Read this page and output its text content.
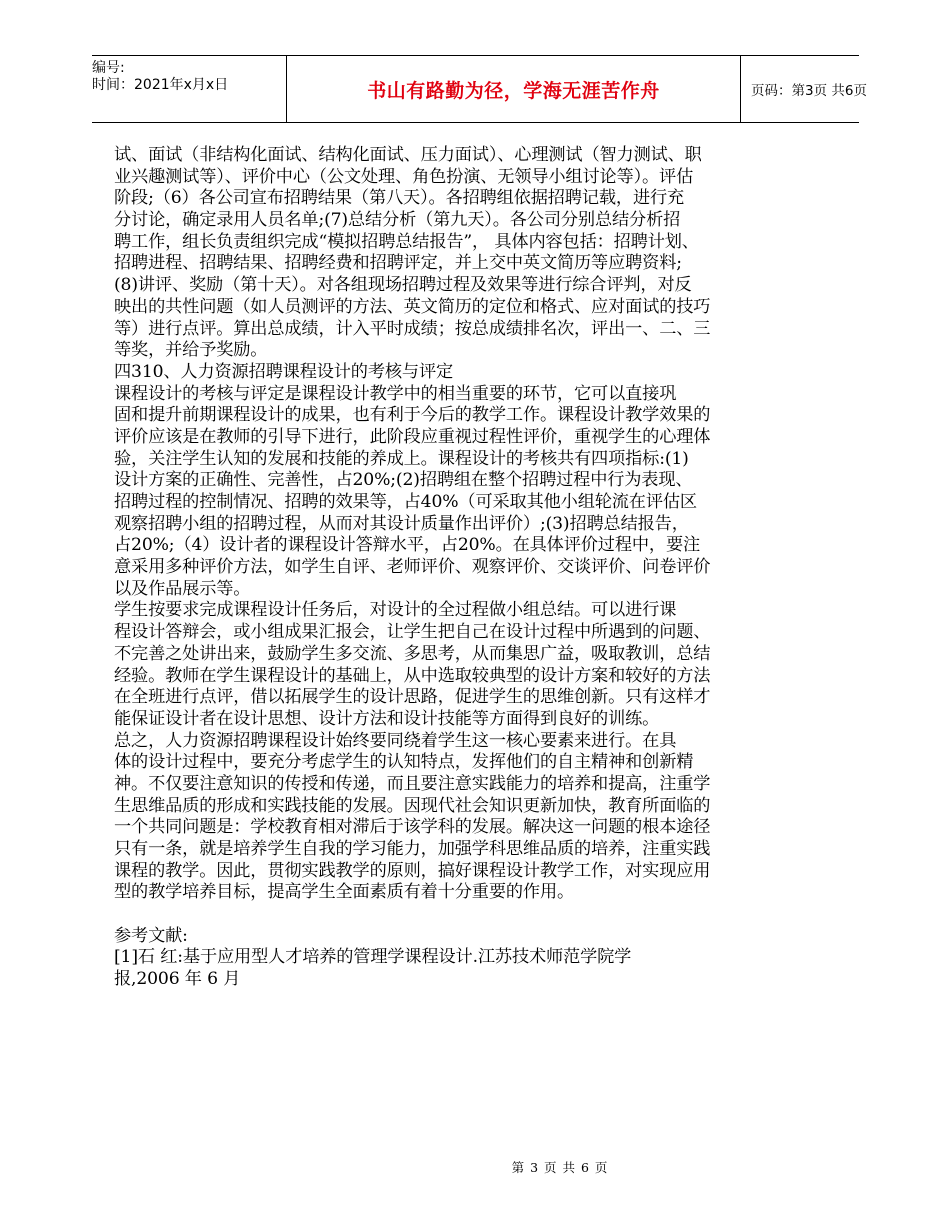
编号:
时间：2021年x月x日	书山有路勤为径，学海无涯苦作舟	页码：第3页 共6页
试、面试（非结构化面试、结构化面试、压力面试）、心理测试（智力测试、职
业兴趣测试等）、评价中心（公文处理、角色扮演、无领导小组讨论等）。评估
阶段;（6）各公司宣布招聘结果（第八天）。各招聘组依据招聘记载，进行充
分讨论，确定录用人员名单;(7)总结分析（第九天）。各公司分别总结分析招
聘工作，组长负责组织完成“模拟招聘总结报告”， 具体内容包括：招聘计划、
招聘进程、招聘结果、招聘经费和招聘评定，并上交中英文简历等应聘资料;
(8)讲评、奖励（第十天）。对各组现场招聘过程及效果等进行综合评判，对反
映出的共性问题（如人员测评的方法、英文简历的定位和格式、应对面试的技巧
等）进行点评。算出总成绩，计入平时成绩；按总成绩排名次，评出一、二、三
等奖，并给予奖励。
四310、人力资源招聘课程设计的考核与评定
课程设计的考核与评定是课程设计教学中的相当重要的环节，它可以直接巩
固和提升前期课程设计的成果，也有利于今后的教学工作。课程设计教学效果的
评价应该是在教师的引导下进行，此阶段应重视过程性评价，重视学生的心理体
验，关注学生认知的发展和技能的养成上。课程设计的考核共有四项指标:(1)
设计方案的正确性、完善性，占20%;(2)招聘组在整个招聘过程中行为表现、
招聘过程的控制情况、招聘的效果等，占40%（可采取其他小组轮流在评估区
观察招聘小组的招聘过程，从而对其设计质量作出评价）;(3)招聘总结报告，
占20%;（4）设计者的课程设计答辩水平，占20%。在具体评价过程中，要注
意采用多种评价方法，如学生自评、老师评价、观察评价、交谈评价、问卷评价
以及作品展示等。
学生按要求完成课程设计任务后，对设计的全过程做小组总结。可以进行课
程设计答辩会，或小组成果汇报会，让学生把自己在设计过程中所遇到的问题、
不完善之处讲出来，鼓励学生多交流、多思考，从而集思广益，吸取教训，总结
经验。教师在学生课程设计的基础上，从中选取较典型的设计方案和较好的方法
在全班进行点评，借以拓展学生的设计思路，促进学生的思维创新。只有这样才
能保证设计者在设计思想、设计方法和设计技能等方面得到良好的训练。
总之，人力资源招聘课程设计始终要同绕着学生这一核心要素来进行。在具
体的设计过程中，要充分考虑学生的认知特点，发挥他们的自主精神和创新精
神。不仅要注意知识的传授和传递，而且要注意实践能力的培养和提高，注重学
生思维品质的形成和实践技能的发展。因现代社会知识更新加快，教育所面临的
一个共同问题是：学校教育相对滞后于该学科的发展。解决这一问题的根本途径
只有一条，就是培养学生自我的学习能力，加强学科思维品质的培养，注重实践
课程的教学。因此，贯彻实践教学的原则，搞好课程设计教学工作，对实现应用
型的教学培养目标，提高学生全面素质有着十分重要的作用。
参考文献:
[1]石 红:基于应用型人才培养的管理学课程设计.江苏技术师范学院学
报,2006 年 6 月
第 3 页 共 6 页
